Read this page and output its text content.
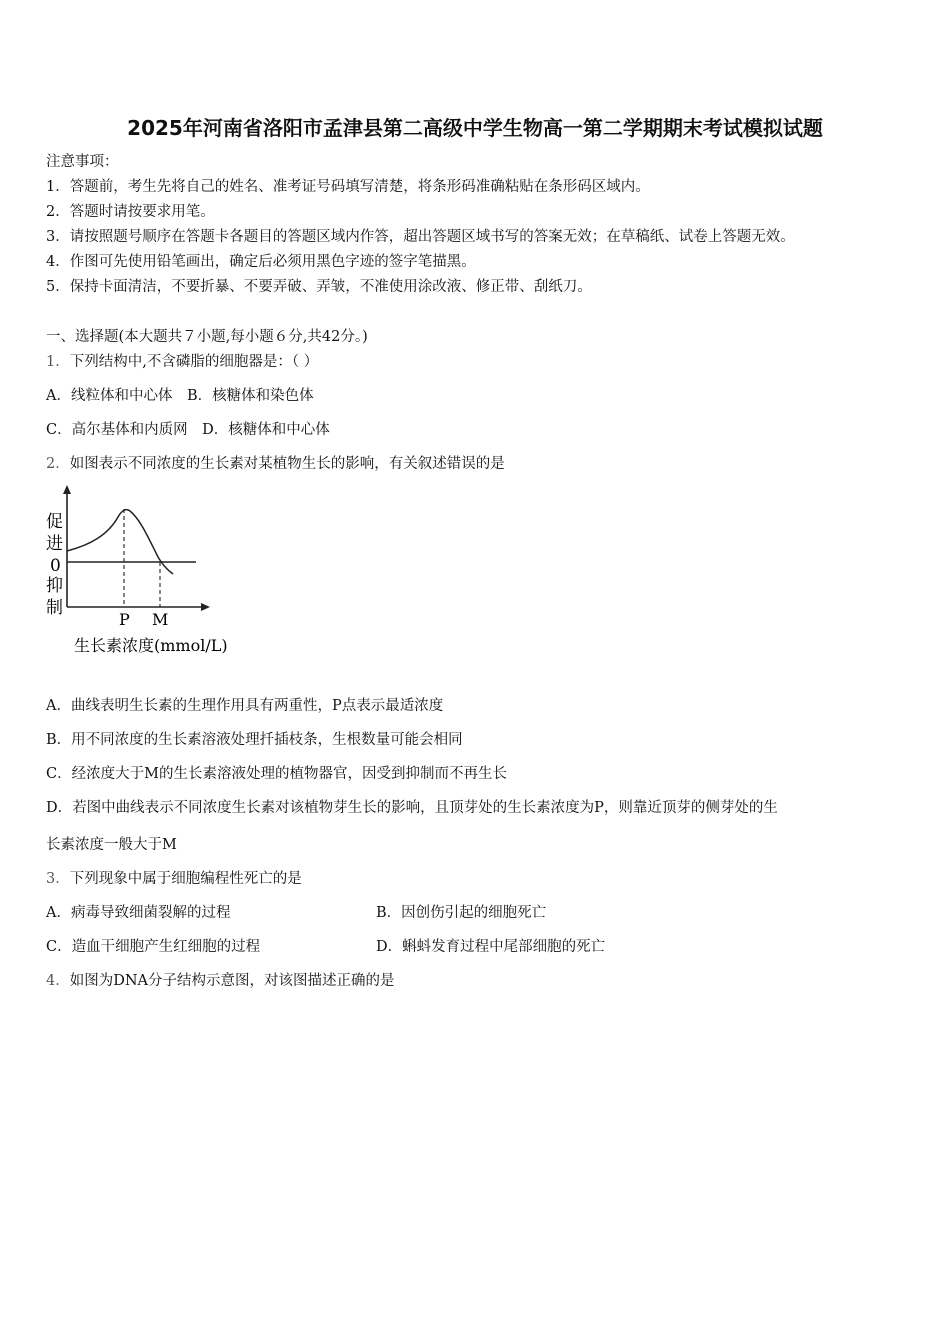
2025年河南省洛阳市孟津县第二高级中学生物高一第二学期期末考试模拟试题
注意事项：
1．答题前，考生先将自己的姓名、准考证号码填写清楚，将条形码准确粘贴在条形码区域内。
2．答题时请按要求用笔。
3．请按照题号顺序在答题卡各题目的答题区域内作答，超出答题区域书写的答案无效；在草稿纸、试卷上答题无效。
4．作图可先使用铅笔画出，确定后必须用黑色字迹的签字笔描黑。
5．保持卡面清洁，不要折暴、不要弄破、弄皱，不准使用涂改液、修正带、刮纸刀。
一、选择题(本大题共７小题,每小题６分,共42分。)
1．下列结构中,不含磷脂的细胞器是：（ ）
A．线粒体和中心体　B．核糖体和染色体
C．高尔基体和内质网　D．核糖体和中心体
2．如图表示不同浓度的生长素对某植物生长的影响，有关叙述错误的是
促
进
0
抑
制
P M
生长素浓度(mmol/L)
A．曲线表明生长素的生理作用具有两重性，P点表示最适浓度
B．用不同浓度的生长素溶液处理扦插枝条，生根数量可能会相同
C．经浓度大于M的生长素溶液处理的植物器官，因受到抑制而不再生长
D．若图中曲线表示不同浓度生长素对该植物芽生长的影响，且顶芽处的生长素浓度为P，则靠近顶芽的侧芽处的生
长素浓度一般大于M
3．下列现象中属于细胞编程性死亡的是
A．病毒导致细菌裂解的过程	B．因创伤引起的细胞死亡
C．造血干细胞产生红细胞的过程	D．蝌蚪发育过程中尾部细胞的死亡
4．如图为DNA分子结构示意图，对该图描述正确的是
